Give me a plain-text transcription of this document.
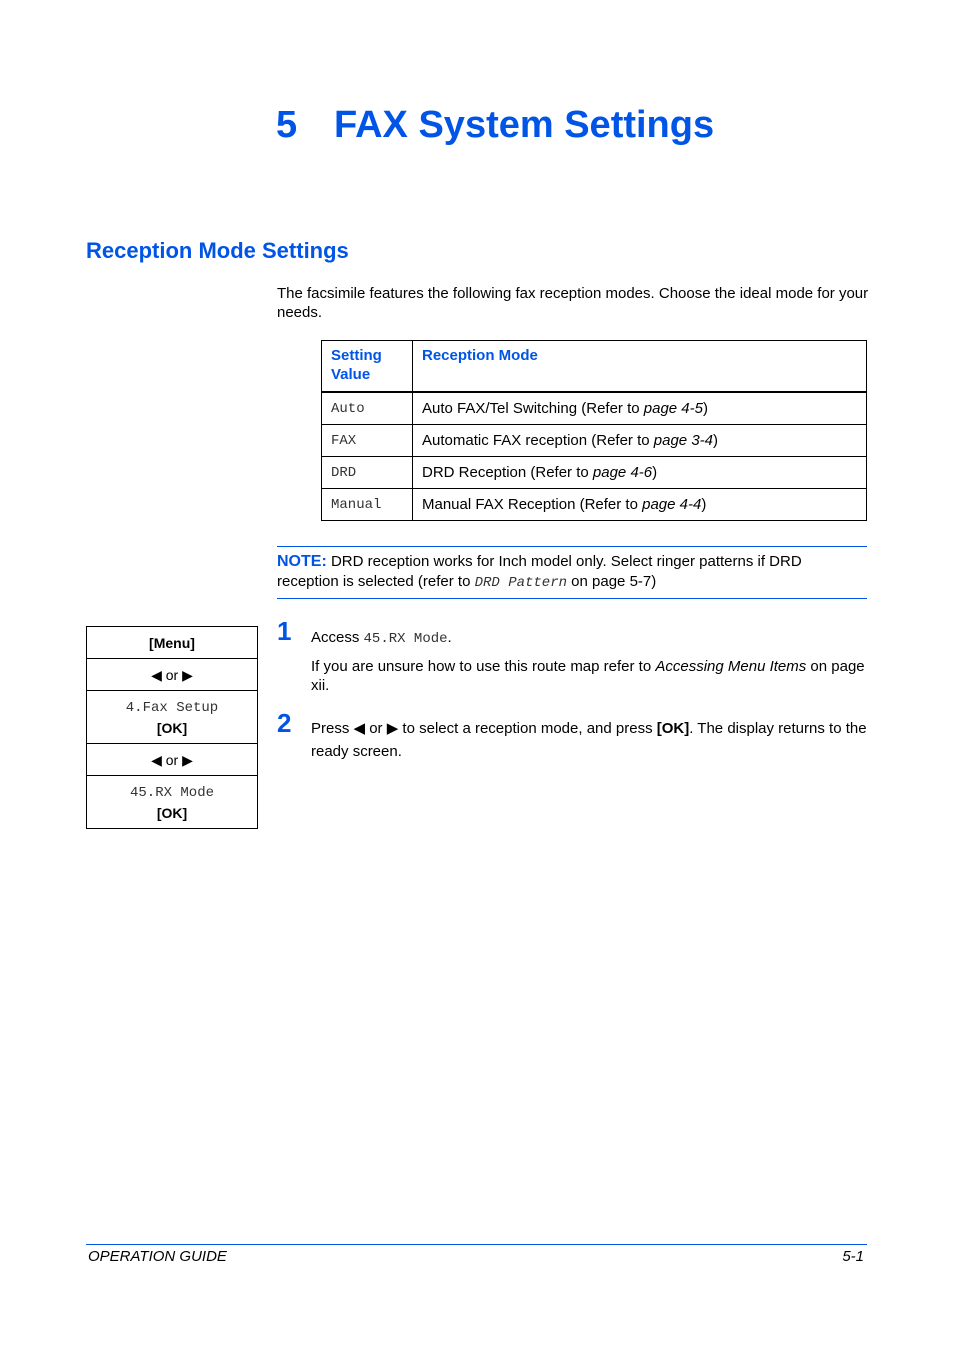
5 FAX System Settings
Reception Mode Settings
The facsimile features the following fax reception modes. Choose the ideal mode for your needs.
Setting Value	Reception Mode
Auto	Auto FAX/Tel Switching (Refer to page 4-5)
FAX	Automatic FAX reception (Refer to page 3-4)
DRD	DRD Reception (Refer to page 4-6)
Manual	Manual FAX Reception (Refer to page 4-4)
NOTE: DRD reception works for Inch model only. Select ringer patterns if DRD reception is selected (refer to DRD Pattern on page 5-7)
[Menu]
◀ or ▶
4.Fax Setup
[OK]
◀ or ▶
45.RX Mode
[OK]
1 Access 45.RX Mode.
If you are unsure how to use this route map refer to Accessing Menu Items on page xii.
2 Press ◀ or ▶ to select a reception mode, and press [OK]. The display returns to the ready screen.
OPERATION GUIDE	5-1
